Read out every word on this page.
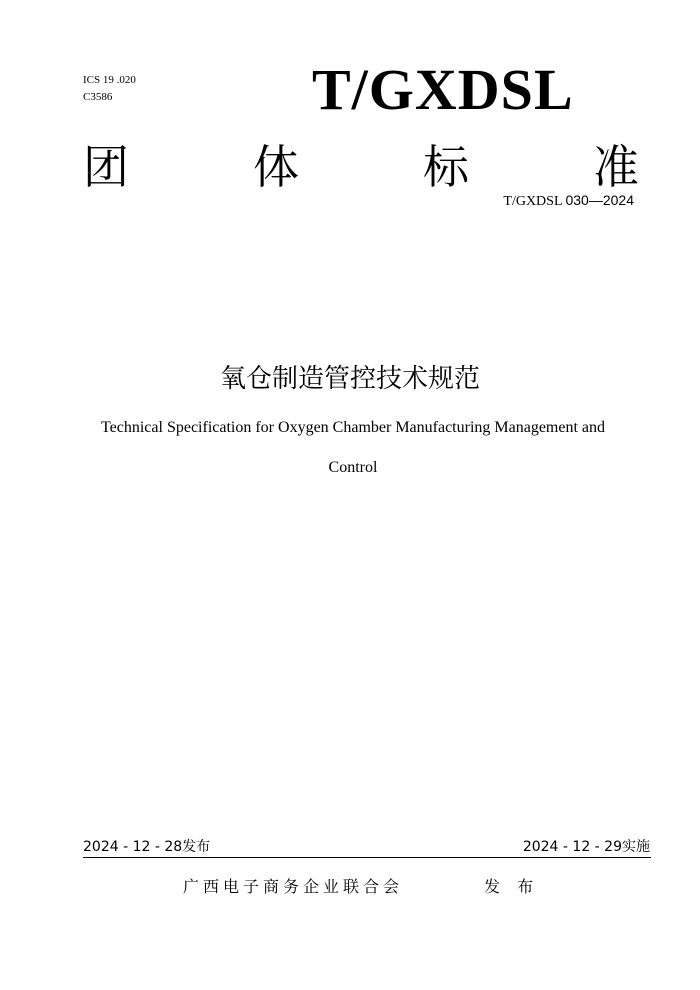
ICS 19 .020
C3586	T/GXDSL
团	体	标	准
T/GXDSL 030—2024
氧仓制造管控技术规范
Technical Specification for Oxygen Chamber Manufacturing Management and
Control
2024 - 12 - 28发布	2024 - 12 - 29实施
广西电子商务企业联合会	发 布
